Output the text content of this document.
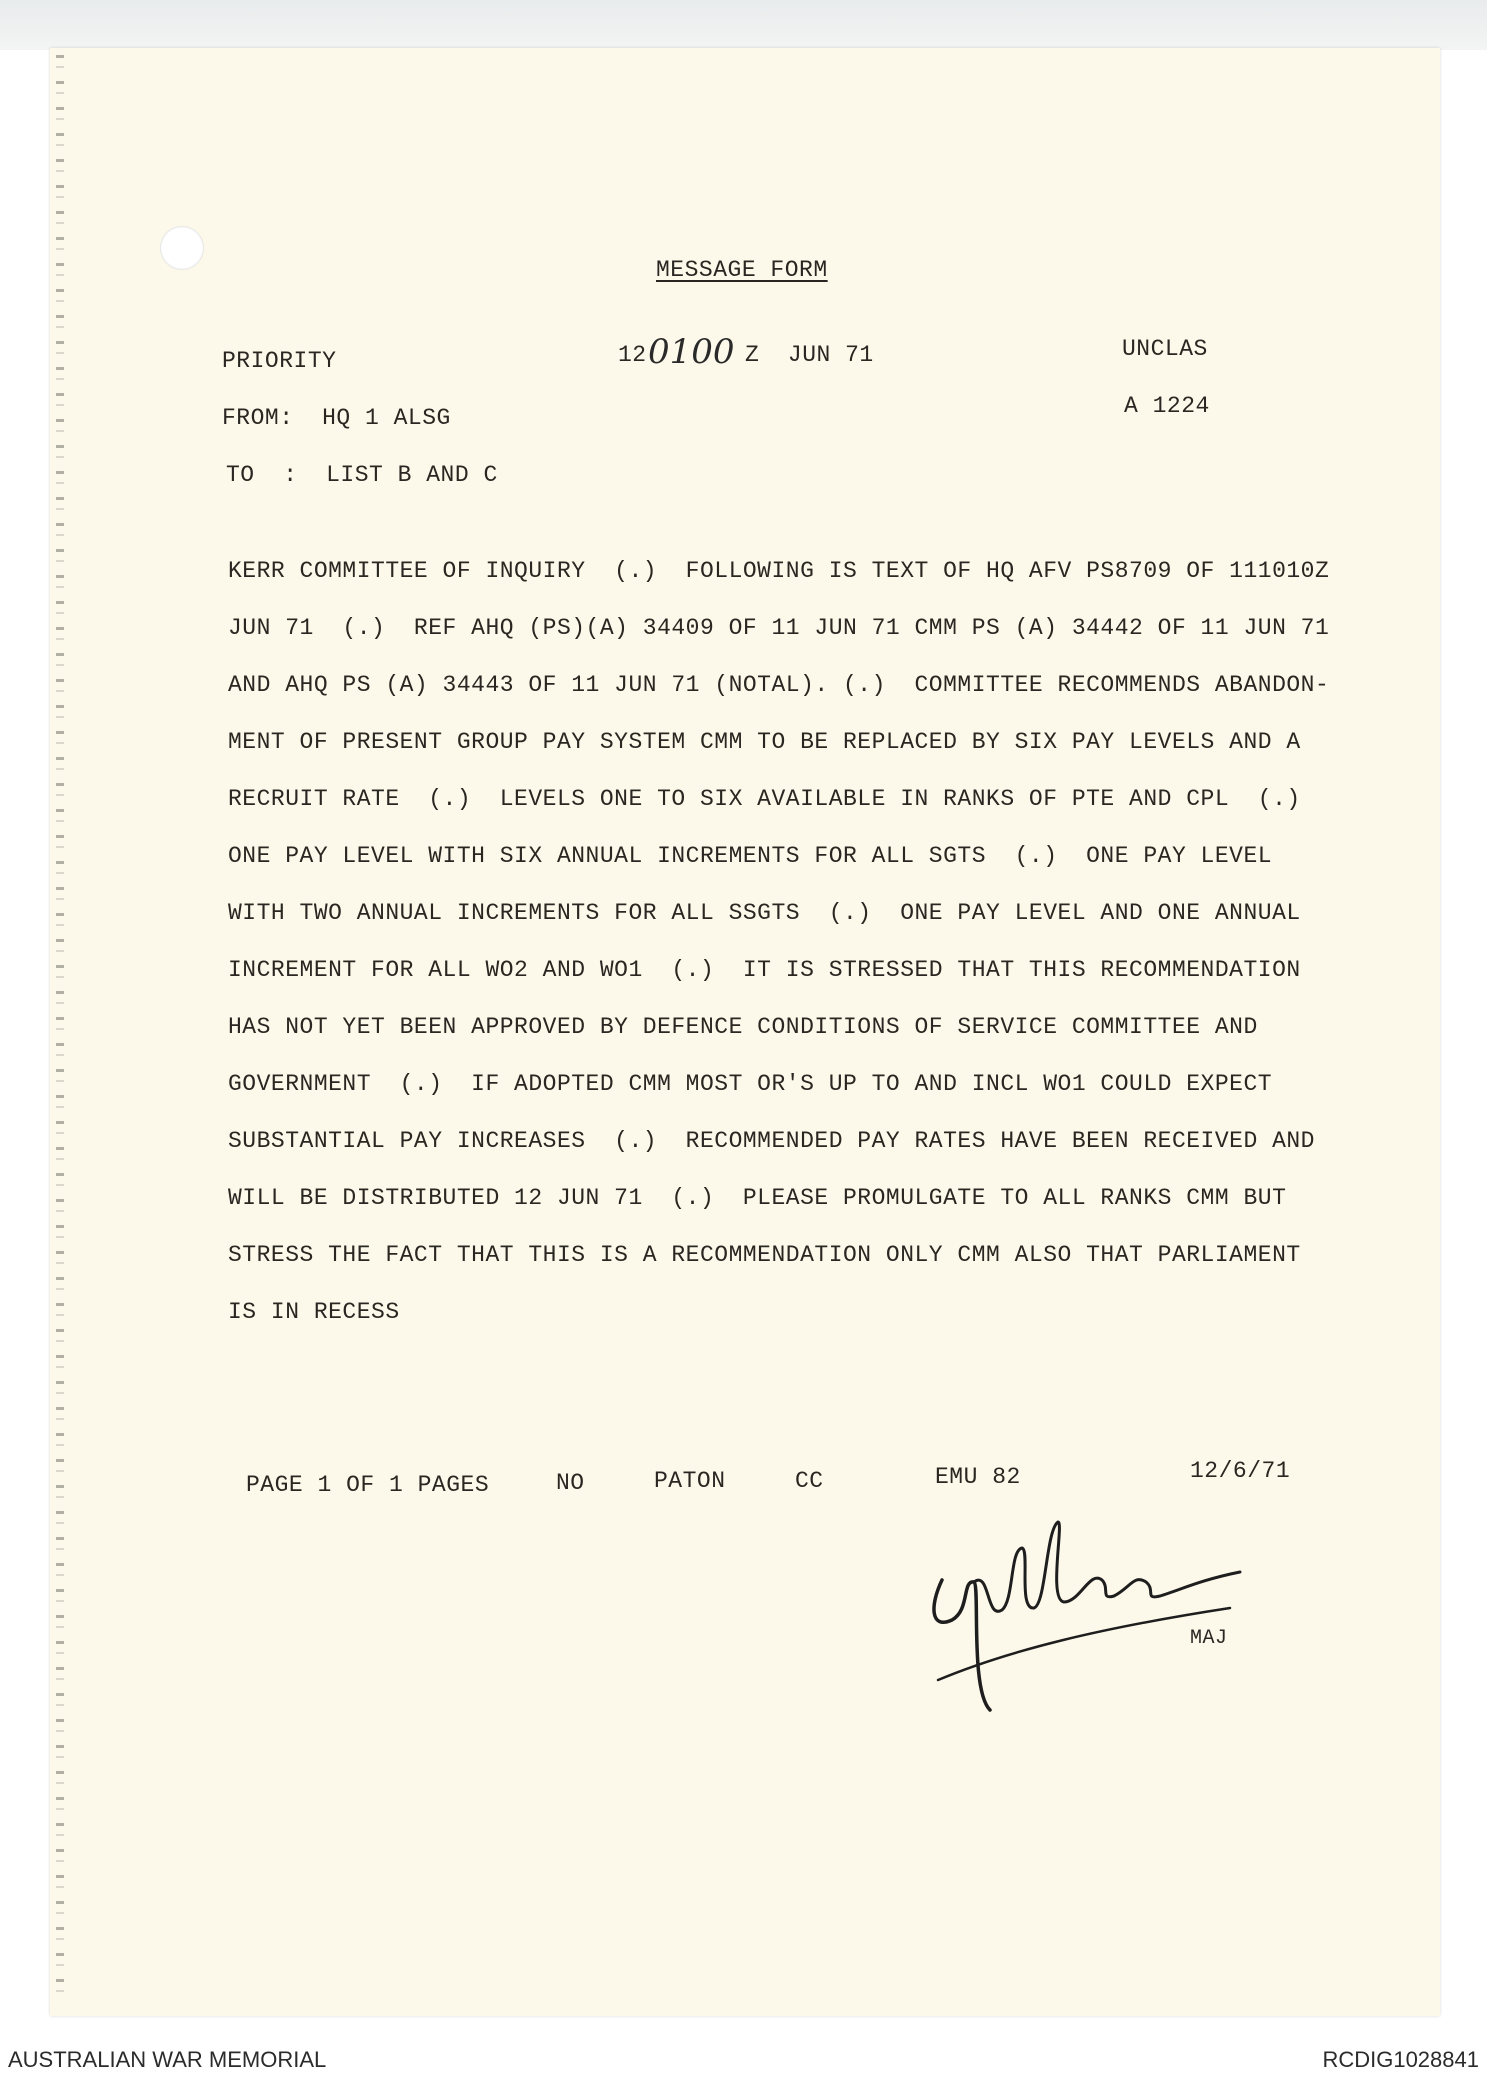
MESSAGE FORM
PRIORITY	12 0100 Z  JUN 71	UNCLAS
A 1224
FROM:  HQ 1 ALSG
TO  :  LIST B AND C
KERR COMMITTEE OF INQUIRY  (.)  FOLLOWING IS TEXT OF HQ AFV PS8709 OF 111010Z
JUN 71  (.)  REF AHQ (PS)(A) 34409 OF 11 JUN 71 CMM PS (A) 34442 OF 11 JUN 71
AND AHQ PS (A) 34443 OF 11 JUN 71 (NOTAL). (.)  COMMITTEE RECOMMENDS ABANDON-
MENT OF PRESENT GROUP PAY SYSTEM CMM TO BE REPLACED BY SIX PAY LEVELS AND A
RECRUIT RATE  (.)  LEVELS ONE TO SIX AVAILABLE IN RANKS OF PTE AND CPL  (.)
ONE PAY LEVEL WITH SIX ANNUAL INCREMENTS FOR ALL SGTS  (.)  ONE PAY LEVEL
WITH TWO ANNUAL INCREMENTS FOR ALL SSGTS  (.)  ONE PAY LEVEL AND ONE ANNUAL
INCREMENT FOR ALL WO2 AND WO1  (.)  IT IS STRESSED THAT THIS RECOMMENDATION
HAS NOT YET BEEN APPROVED BY DEFENCE CONDITIONS OF SERVICE COMMITTEE AND
GOVERNMENT  (.)  IF ADOPTED CMM MOST OR'S UP TO AND INCL WO1 COULD EXPECT
SUBSTANTIAL PAY INCREASES  (.)  RECOMMENDED PAY RATES HAVE BEEN RECEIVED AND
WILL BE DISTRIBUTED 12 JUN 71  (.)  PLEASE PROMULGATE TO ALL RANKS CMM BUT
STRESS THE FACT THAT THIS IS A RECOMMENDATION ONLY CMM ALSO THAT PARLIAMENT
IS IN RECESS
PAGE 1 OF 1 PAGES	NO	PATON	CC	EMU 82	12/6/71
MAJ
AUSTRALIAN WAR MEMORIAL	RCDIG1028841
